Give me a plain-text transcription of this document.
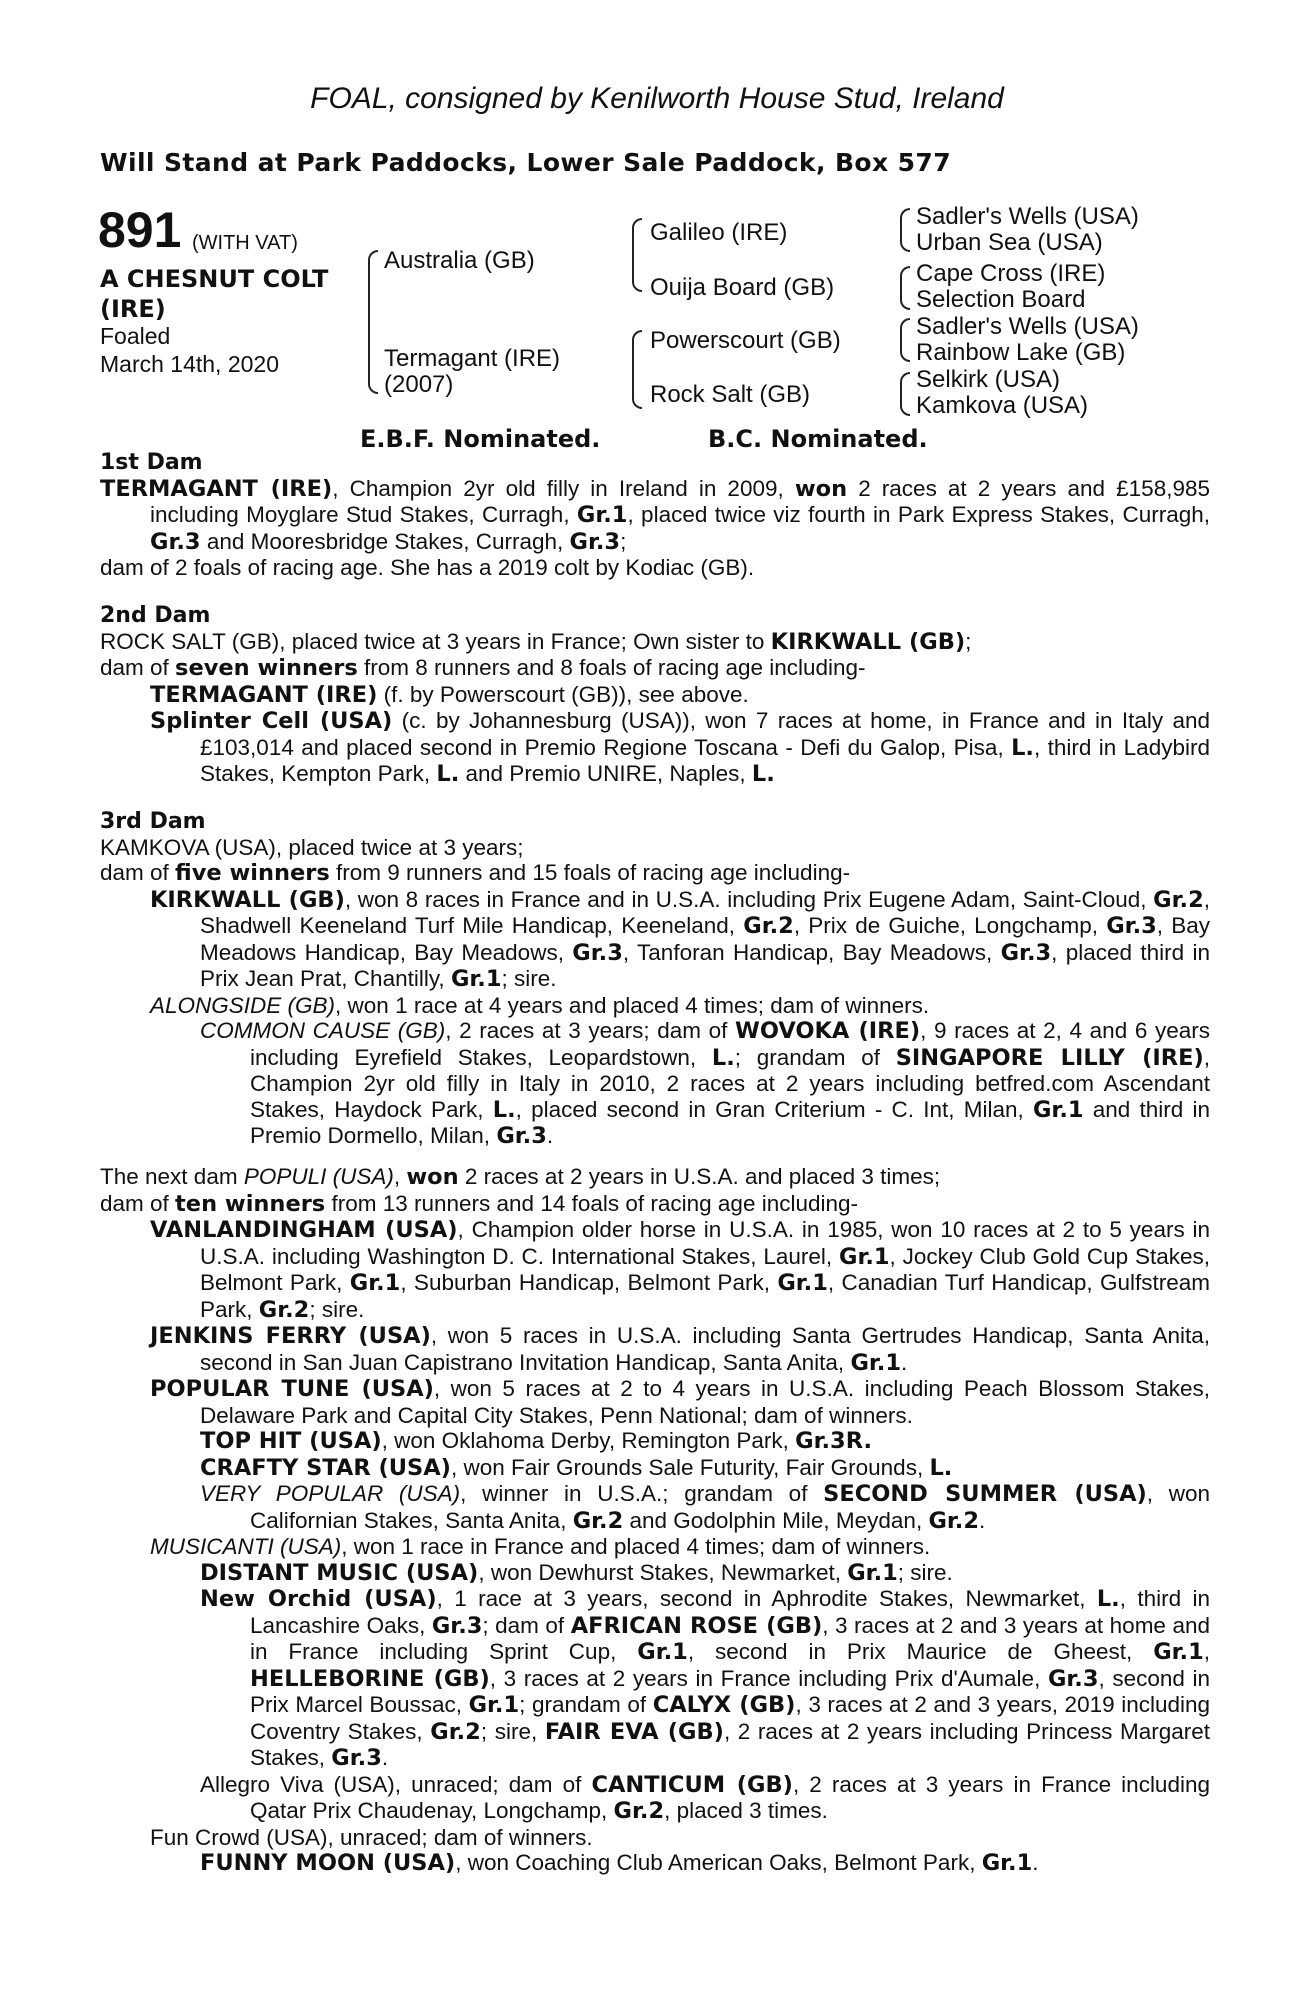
FOAL, consigned by Kenilworth House Stud, Ireland
Will Stand at Park Paddocks, Lower Sale Paddock, Box 577
891 (WITH VAT)
A CHESNUT COLT (IRE)
Foaled
March 14th, 2020
Australia (GB)
Termagant (IRE)
(2007)
Galileo (IRE)
Ouija Board (GB)
Powerscourt (GB)
Rock Salt (GB)
Sadler's Wells (USA)
Urban Sea (USA)
Cape Cross (IRE)
Selection Board
Sadler's Wells (USA)
Rainbow Lake (GB)
Selkirk (USA)
Kamkova (USA)
E.B.F. Nominated.	B.C. Nominated.
1st Dam

TERMAGANT (IRE), Champion 2yr old filly in Ireland in 2009, won 2 races at 2 years and £158,985 including Moyglare Stud Stakes, Curragh, Gr.1, placed twice viz fourth in Park Express Stakes, Curragh, Gr.3 and Mooresbridge Stakes, Curragh, Gr.3;

dam of 2 foals of racing age. She has a 2019 colt by Kodiac (GB).

2nd Dam

ROCK SALT (GB), placed twice at 3 years in France; Own sister to KIRKWALL (GB);

dam of seven winners from 8 runners and 8 foals of racing age including-

TERMAGANT (IRE) (f. by Powerscourt (GB)), see above.

Splinter Cell (USA) (c. by Johannesburg (USA)), won 7 races at home, in France and in Italy and £103,014 and placed second in Premio Regione Toscana - Defi du Galop, Pisa, L., third in Ladybird Stakes, Kempton Park, L. and Premio UNIRE, Naples, L.

3rd Dam

KAMKOVA (USA), placed twice at 3 years;

dam of five winners from 9 runners and 15 foals of racing age including-

KIRKWALL (GB), won 8 races in France and in U.S.A. including Prix Eugene Adam, Saint-Cloud, Gr.2, Shadwell Keeneland Turf Mile Handicap, Keeneland, Gr.2, Prix de Guiche, Longchamp, Gr.3, Bay Meadows Handicap, Bay Meadows, Gr.3, Tanforan Handicap, Bay Meadows, Gr.3, placed third in Prix Jean Prat, Chantilly, Gr.1; sire.

ALONGSIDE (GB), won 1 race at 4 years and placed 4 times; dam of winners.

COMMON CAUSE (GB), 2 races at 3 years; dam of WOVOKA (IRE), 9 races at 2, 4 and 6 years including Eyrefield Stakes, Leopardstown, L.; grandam of SINGAPORE LILLY (IRE), Champion 2yr old filly in Italy in 2010, 2 races at 2 years including betfred.com Ascendant Stakes, Haydock Park, L., placed second in Gran Criterium - C. Int, Milan, Gr.1 and third in Premio Dormello, Milan, Gr.3.

The next dam POPULI (USA), won 2 races at 2 years in U.S.A. and placed 3 times;

dam of ten winners from 13 runners and 14 foals of racing age including-

VANLANDINGHAM (USA), Champion older horse in U.S.A. in 1985, won 10 races at 2 to 5 years in U.S.A. including Washington D. C. International Stakes, Laurel, Gr.1, Jockey Club Gold Cup Stakes, Belmont Park, Gr.1, Suburban Handicap, Belmont Park, Gr.1, Canadian Turf Handicap, Gulfstream Park, Gr.2; sire.

JENKINS FERRY (USA), won 5 races in U.S.A. including Santa Gertrudes Handicap, Santa Anita, second in San Juan Capistrano Invitation Handicap, Santa Anita, Gr.1.

POPULAR TUNE (USA), won 5 races at 2 to 4 years in U.S.A. including Peach Blossom Stakes, Delaware Park and Capital City Stakes, Penn National; dam of winners.

TOP HIT (USA), won Oklahoma Derby, Remington Park, Gr.3R.

CRAFTY STAR (USA), won Fair Grounds Sale Futurity, Fair Grounds, L.

VERY POPULAR (USA), winner in U.S.A.; grandam of SECOND SUMMER (USA), won Californian Stakes, Santa Anita, Gr.2 and Godolphin Mile, Meydan, Gr.2.

MUSICANTI (USA), won 1 race in France and placed 4 times; dam of winners.

DISTANT MUSIC (USA), won Dewhurst Stakes, Newmarket, Gr.1; sire.

New Orchid (USA), 1 race at 3 years, second in Aphrodite Stakes, Newmarket, L., third in Lancashire Oaks, Gr.3; dam of AFRICAN ROSE (GB), 3 races at 2 and 3 years at home and in France including Sprint Cup, Gr.1, second in Prix Maurice de Gheest, Gr.1, HELLEBORINE (GB), 3 races at 2 years in France including Prix d'Aumale, Gr.3, second in Prix Marcel Boussac, Gr.1; grandam of CALYX (GB), 3 races at 2 and 3 years, 2019 including Coventry Stakes, Gr.2; sire, FAIR EVA (GB), 2 races at 2 years including Princess Margaret Stakes, Gr.3.

Allegro Viva (USA), unraced; dam of CANTICUM (GB), 2 races at 3 years in France including Qatar Prix Chaudenay, Longchamp, Gr.2, placed 3 times.

Fun Crowd (USA), unraced; dam of winners.

FUNNY MOON (USA), won Coaching Club American Oaks, Belmont Park, Gr.1.
